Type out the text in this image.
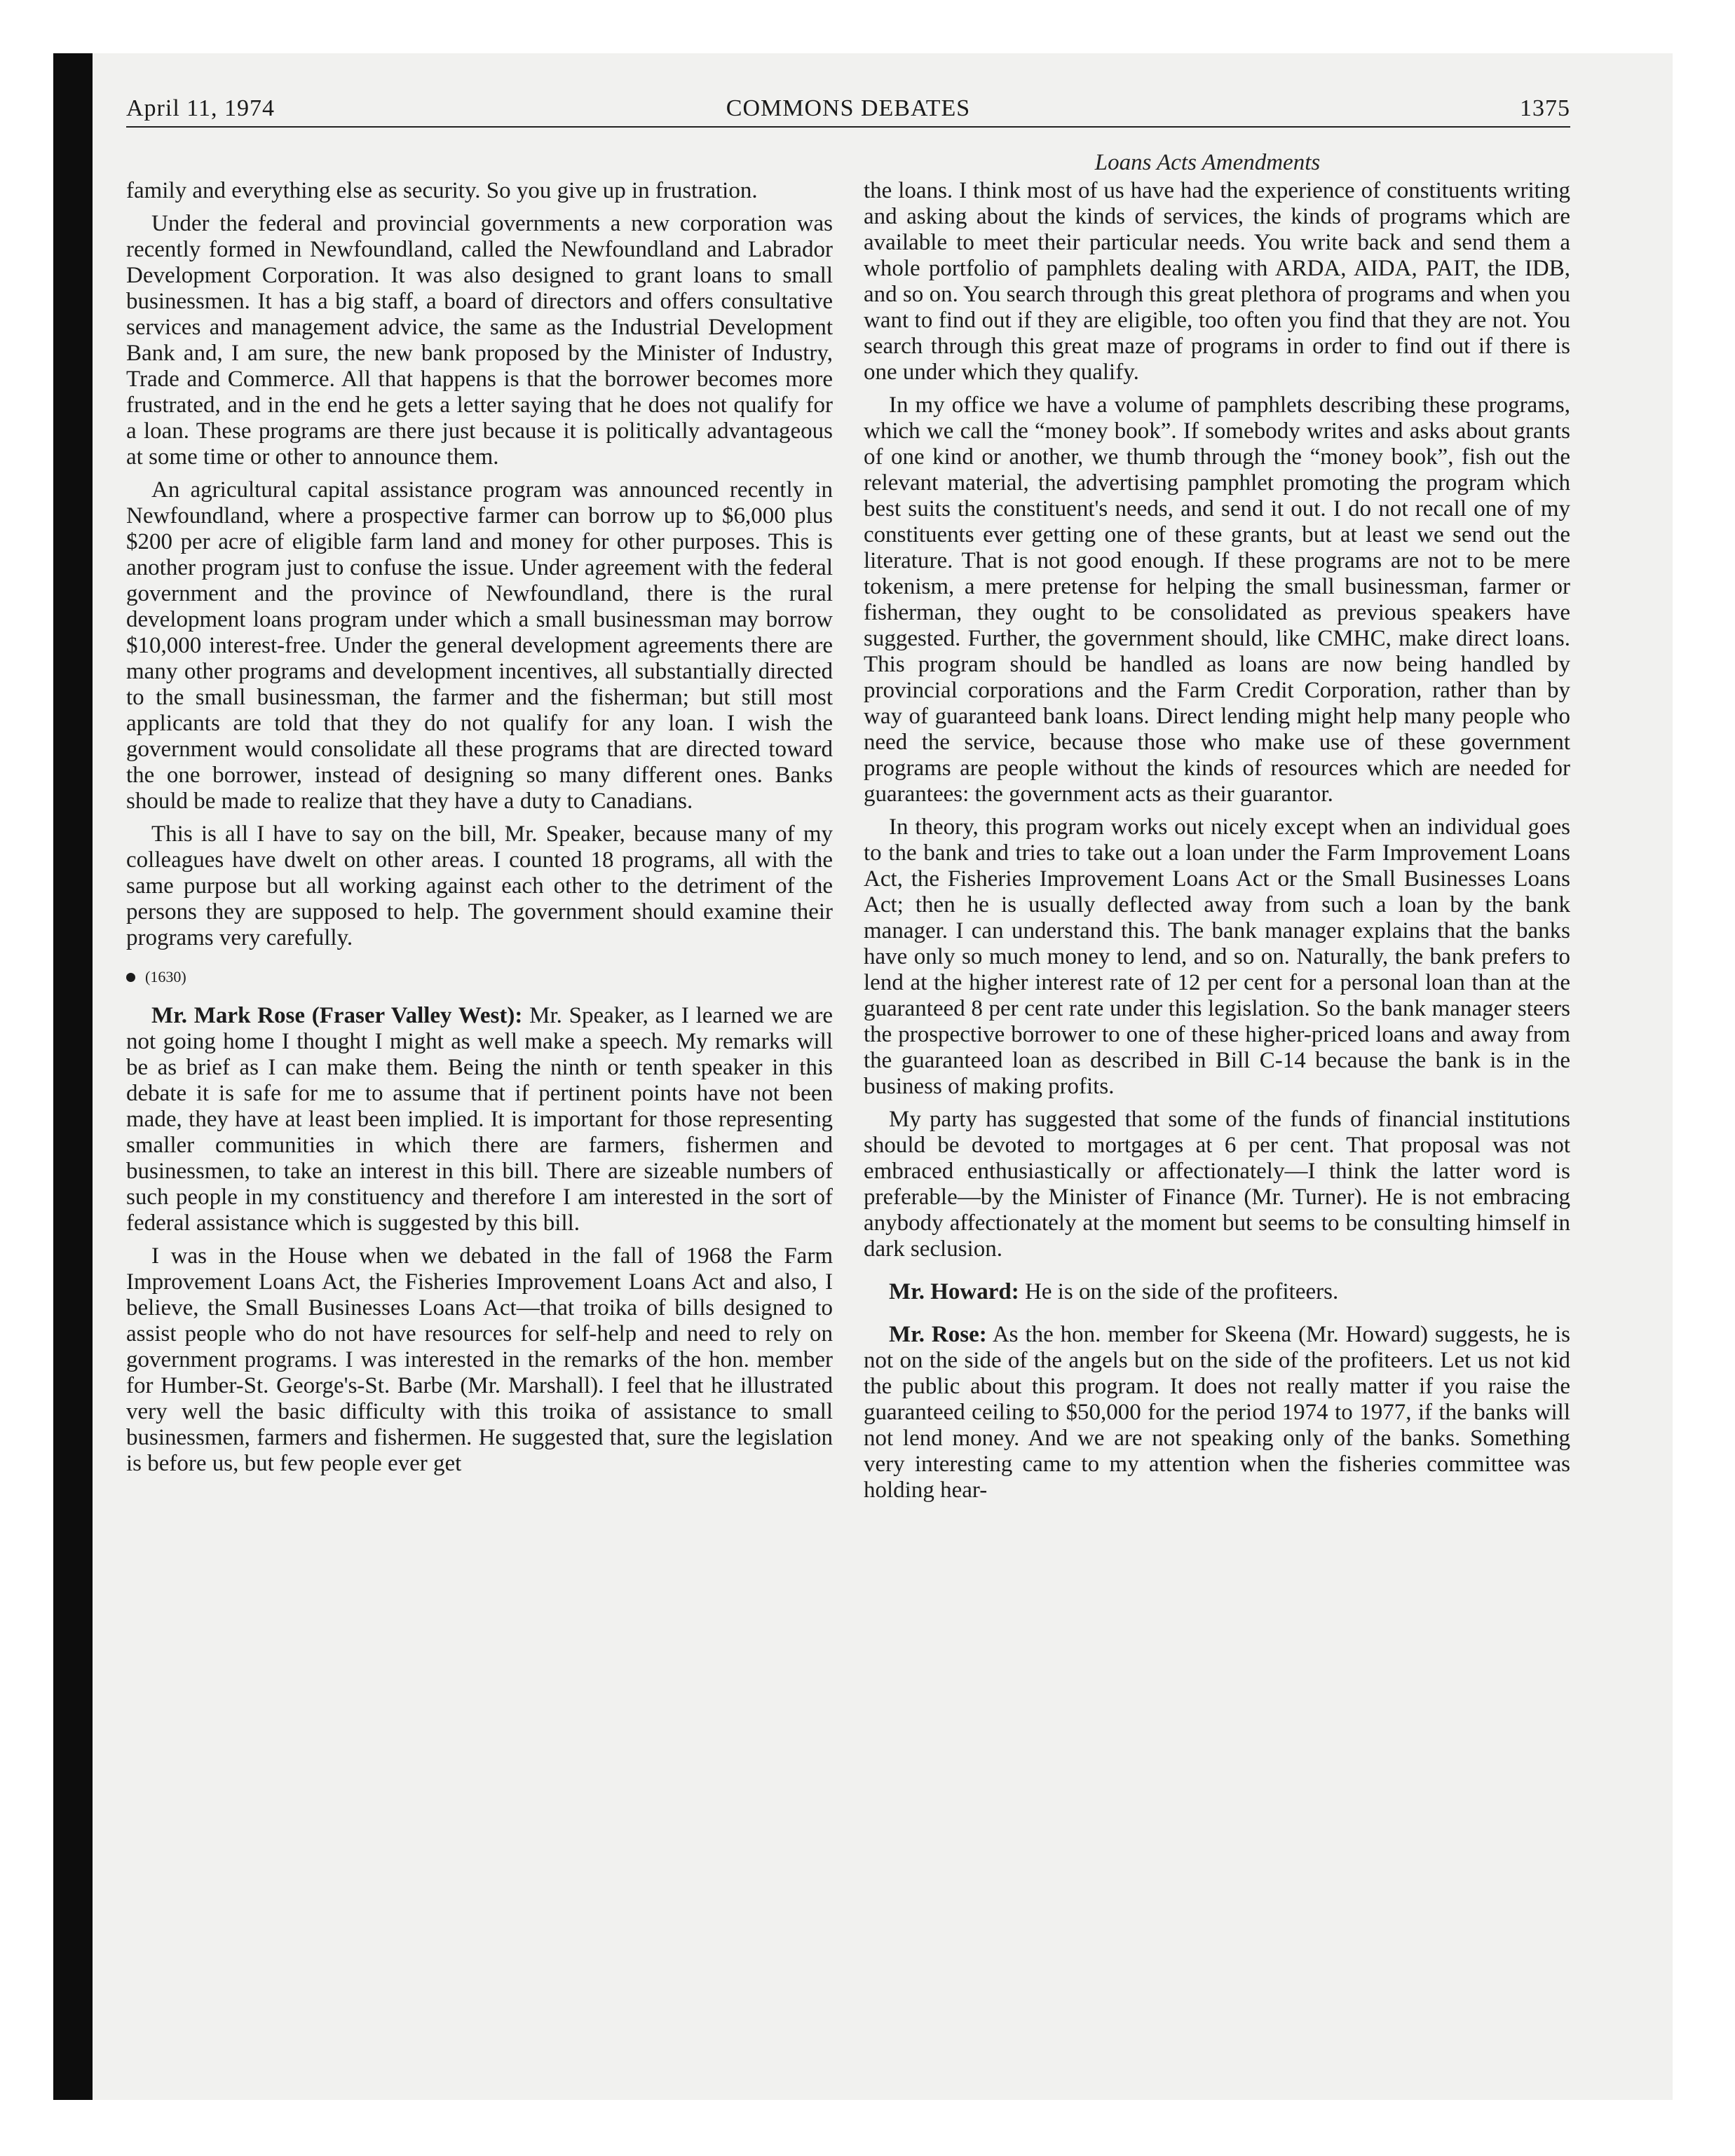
April 11, 1974	COMMONS DEBATES	1375
Loans Acts Amendments

family and everything else as security. So you give up in frustration.

Under the federal and provincial governments a new corporation was recently formed in Newfoundland, called the Newfoundland and Labrador Development Corporation. It was also designed to grant loans to small businessmen. It has a big staff, a board of directors and offers consultative services and management advice, the same as the Industrial Development Bank and, I am sure, the new bank proposed by the Minister of Industry, Trade and Commerce. All that happens is that the borrower becomes more frustrated, and in the end he gets a letter saying that he does not qualify for a loan. These programs are there just because it is politically advantageous at some time or other to announce them.

An agricultural capital assistance program was announced recently in Newfoundland, where a prospective farmer can borrow up to $6,000 plus $200 per acre of eligible farm land and money for other purposes. This is another program just to confuse the issue. Under agreement with the federal government and the province of Newfoundland, there is the rural development loans program under which a small businessman may borrow $10,000 interest-free. Under the general development agreements there are many other programs and development incentives, all substantially directed to the small businessman, the farmer and the fisherman; but still most applicants are told that they do not qualify for any loan. I wish the government would consolidate all these programs that are directed toward the one borrower, instead of designing so many different ones. Banks should be made to realize that they have a duty to Canadians.

This is all I have to say on the bill, Mr. Speaker, because many of my colleagues have dwelt on other areas. I counted 18 programs, all with the same purpose but all working against each other to the detriment of the persons they are supposed to help. The government should examine their programs very carefully.

(1630)

Mr. Mark Rose (Fraser Valley West): Mr. Speaker, as I learned we are not going home I thought I might as well make a speech. My remarks will be as brief as I can make them. Being the ninth or tenth speaker in this debate it is safe for me to assume that if pertinent points have not been made, they have at least been implied. It is important for those representing smaller communities in which there are farmers, fishermen and businessmen, to take an interest in this bill. There are sizeable numbers of such people in my constituency and therefore I am interested in the sort of federal assistance which is suggested by this bill.

I was in the House when we debated in the fall of 1968 the Farm Improvement Loans Act, the Fisheries Improvement Loans Act and also, I believe, the Small Businesses Loans Act—that troika of bills designed to assist people who do not have resources for self-help and need to rely on government programs. I was interested in the remarks of the hon. member for Humber-St. George's-St. Barbe (Mr. Marshall). I feel that he illustrated very well the basic difficulty with this troika of assistance to small businessmen, farmers and fishermen. He suggested that, sure the legislation is before us, but few people ever get

the loans. I think most of us have had the experience of constituents writing and asking about the kinds of services, the kinds of programs which are available to meet their particular needs. You write back and send them a whole portfolio of pamphlets dealing with ARDA, AIDA, PAIT, the IDB, and so on. You search through this great plethora of programs and when you want to find out if they are eligible, too often you find that they are not. You search through this great maze of programs in order to find out if there is one under which they qualify.

In my office we have a volume of pamphlets describing these programs, which we call the “money book”. If somebody writes and asks about grants of one kind or another, we thumb through the “money book”, fish out the relevant material, the advertising pamphlet promoting the program which best suits the constituent's needs, and send it out. I do not recall one of my constituents ever getting one of these grants, but at least we send out the literature. That is not good enough. If these programs are not to be mere tokenism, a mere pretense for helping the small businessman, farmer or fisherman, they ought to be consolidated as previous speakers have suggested. Further, the government should, like CMHC, make direct loans. This program should be handled as loans are now being handled by provincial corporations and the Farm Credit Corporation, rather than by way of guaranteed bank loans. Direct lending might help many people who need the service, because those who make use of these government programs are people without the kinds of resources which are needed for guarantees: the government acts as their guarantor.

In theory, this program works out nicely except when an individual goes to the bank and tries to take out a loan under the Farm Improvement Loans Act, the Fisheries Improvement Loans Act or the Small Businesses Loans Act; then he is usually deflected away from such a loan by the bank manager. I can understand this. The bank manager explains that the banks have only so much money to lend, and so on. Naturally, the bank prefers to lend at the higher interest rate of 12 per cent for a personal loan than at the guaranteed 8 per cent rate under this legislation. So the bank manager steers the prospective borrower to one of these higher-priced loans and away from the guaranteed loan as described in Bill C-14 because the bank is in the business of making profits.

My party has suggested that some of the funds of financial institutions should be devoted to mortgages at 6 per cent. That proposal was not embraced enthusiastically or affectionately—I think the latter word is preferable—by the Minister of Finance (Mr. Turner). He is not embracing anybody affectionately at the moment but seems to be consulting himself in dark seclusion.

Mr. Howard: He is on the side of the profiteers.

Mr. Rose: As the hon. member for Skeena (Mr. Howard) suggests, he is not on the side of the angels but on the side of the profiteers. Let us not kid the public about this program. It does not really matter if you raise the guaranteed ceiling to $50,000 for the period 1974 to 1977, if the banks will not lend money. And we are not speaking only of the banks. Something very interesting came to my attention when the fisheries committee was holding hear-
